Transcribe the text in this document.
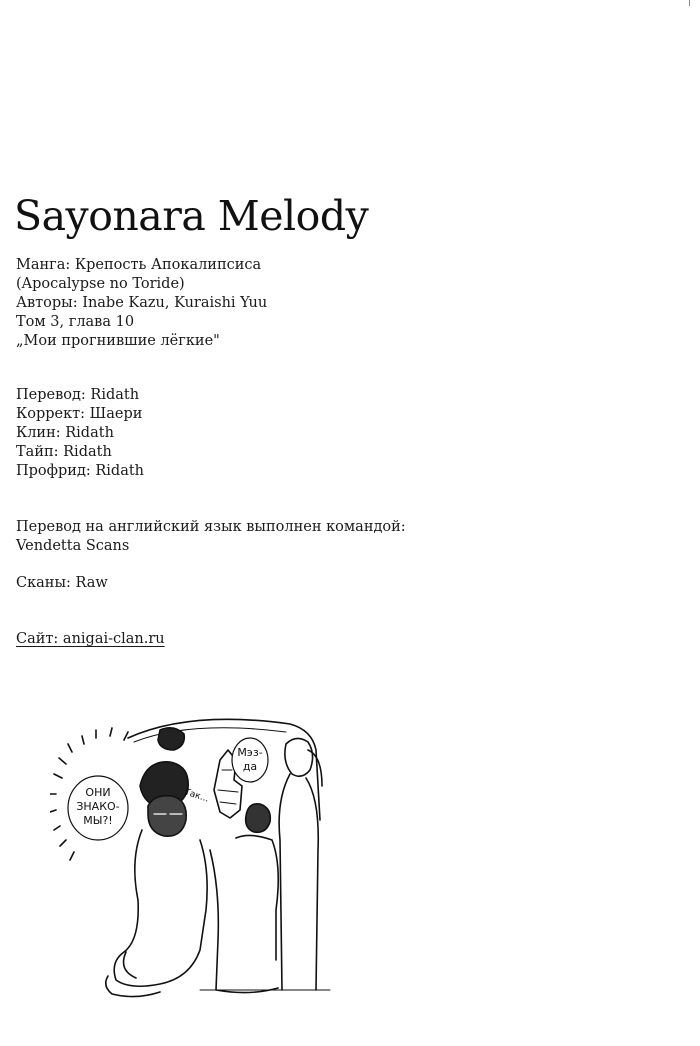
Sayonara Melody
Манга: Крепость Апокалипсиса
(Apocalypse no Toride)
Авторы: Inabe Kazu, Kuraishi Yuu
Том 3, глава 10
„Мои прогнившие лёгкие"
Перевод: Ridath
Коррект: Шаери
Клин: Ridath
Тайп: Ridath
Профрид: Ridath
Перевод на английский язык выполнен командой:
Vendetta Scans
Сканы: Raw
Сайт: anigai-clan.ru
ОНИ
ЗНАКО-
МЫ?!
Мэз-
да
Так...
